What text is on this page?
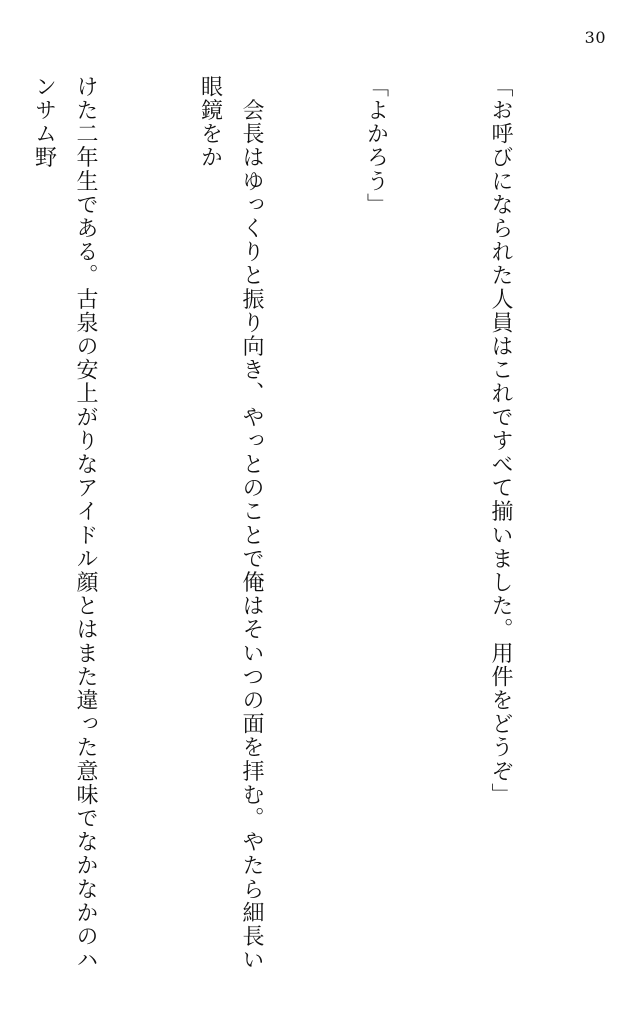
30

「お呼びになられた人員はこれですべて揃いました。用件をどうぞ」

「よかろう」

　会長はゆっくりと振り向き、やっとのことで俺はそいつの面を拝む。やたら細長い眼鏡をか

けた二年生である。古泉の安上がりなアイドル顔とはまた違った意味でなかなかのハンサム野
